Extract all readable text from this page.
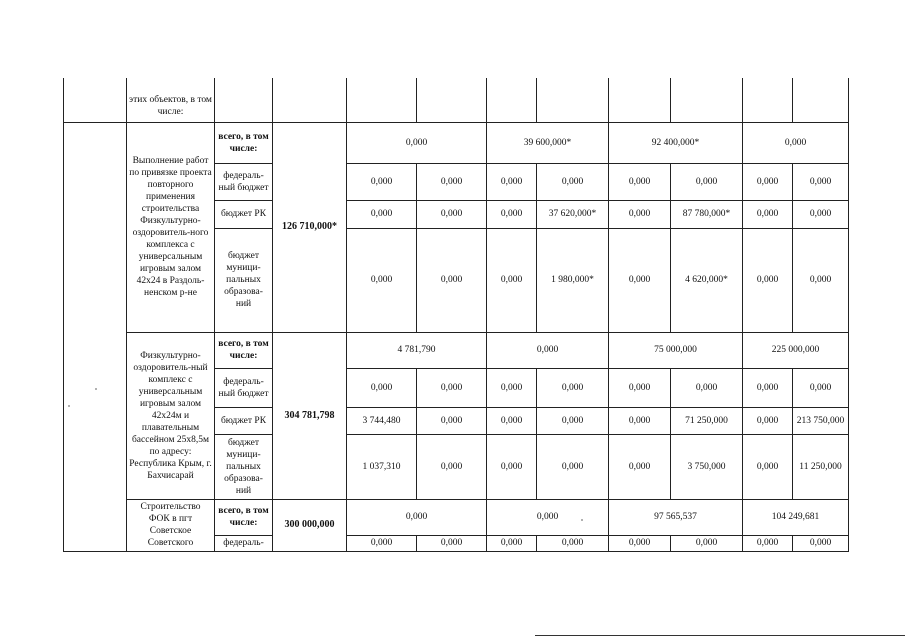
	этих объектов, в том числе:										
	Выполнение работ по привязке проекта повторного применения строительства Физкультурно-оздоровитель-ного комплекса с универсальным игровым залом 42x24 в Раздоль-ненском р-не	всего, в том числе:	126 710,000*	0,000		39 600,000*		92 400,000*		0,000	
		федераль-ный бюджет		0,000	0,000	0,000	0,000	0,000	0,000	0,000	0,000
		бюджет РК		0,000	0,000	0,000	37 620,000*	0,000	87 780,000*	0,000	0,000
		бюджет муници-пальных образова-ний		0,000	0,000	0,000	1 980,000*	0,000	4 620,000*	0,000	0,000
	Физкультурно-оздоровитель-ный комплекс с универсальным игровым залом 42x24м и плавательным бассейном 25x8,5м по адресу: Республика Крым, г. Бахчисарай	всего, в том числе:	304 781,798	4 781,790		0,000		75 000,000		225 000,000	
		федераль-ный бюджет		0,000	0,000	0,000	0,000	0,000	0,000	0,000	0,000
		бюджет РК		3 744,480	0,000	0,000	0,000	0,000	71 250,000	0,000	213 750,000
		бюджет муници-пальных образова-ний		1 037,310	0,000	0,000	0,000	0,000	3 750,000	0,000	11 250,000
	Строительство ФОК в пгт Советское Советского	всего, в том числе:	300 000,000	0,000		0,000		97 565,537		104 249,681	
		федераль-		0,000	0,000	0,000	0,000	0,000	0,000	0,000	0,000
